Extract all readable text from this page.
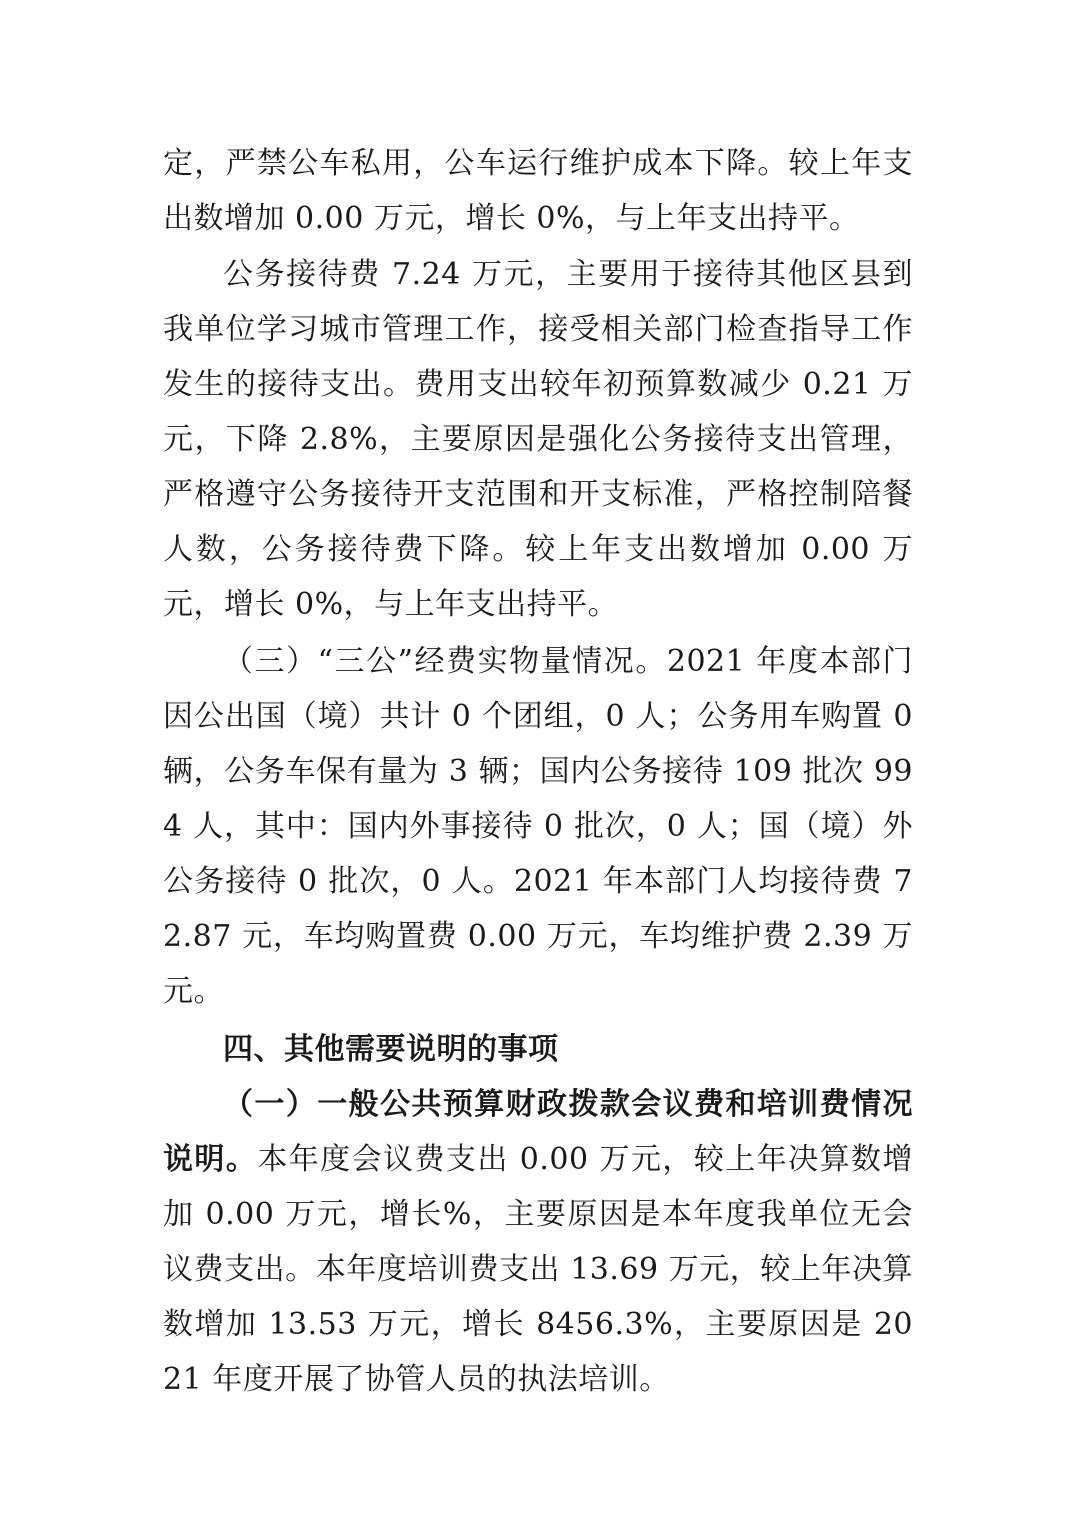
定，严禁公车私用，公车运行维护成本下降。较上年支出数增加 0.00 万元，增长 0%，与上年支出持平。

公务接待费 7.24 万元，主要用于接待其他区县到我单位学习城市管理工作，接受相关部门检查指导工作发生的接待支出。费用支出较年初预算数减少 0.21 万元，下降 2.8%，主要原因是强化公务接待支出管理，严格遵守公务接待开支范围和开支标准，严格控制陪餐人数，公务接待费下降。较上年支出数增加 0.00 万元，增长 0%，与上年支出持平。

（三）“三公”经费实物量情况。2021 年度本部门因公出国（境）共计 0 个团组，0 人；公务用车购置 0 辆，公务车保有量为 3 辆；国内公务接待 109 批次 994 人，其中：国内外事接待 0 批次，0 人；国（境）外公务接待 0 批次，0 人。2021 年本部门人均接待费 72.87 元，车均购置费 0.00 万元，车均维护费 2.39 万元。

四、其他需要说明的事项

（一）一般公共预算财政拨款会议费和培训费情况说明。本年度会议费支出 0.00 万元，较上年决算数增加 0.00 万元，增长%，主要原因是本年度我单位无会议费支出。本年度培训费支出 13.69 万元，较上年决算数增加 13.53 万元，增长 8456.3%，主要原因是 2021 年度开展了协管人员的执法培训。
